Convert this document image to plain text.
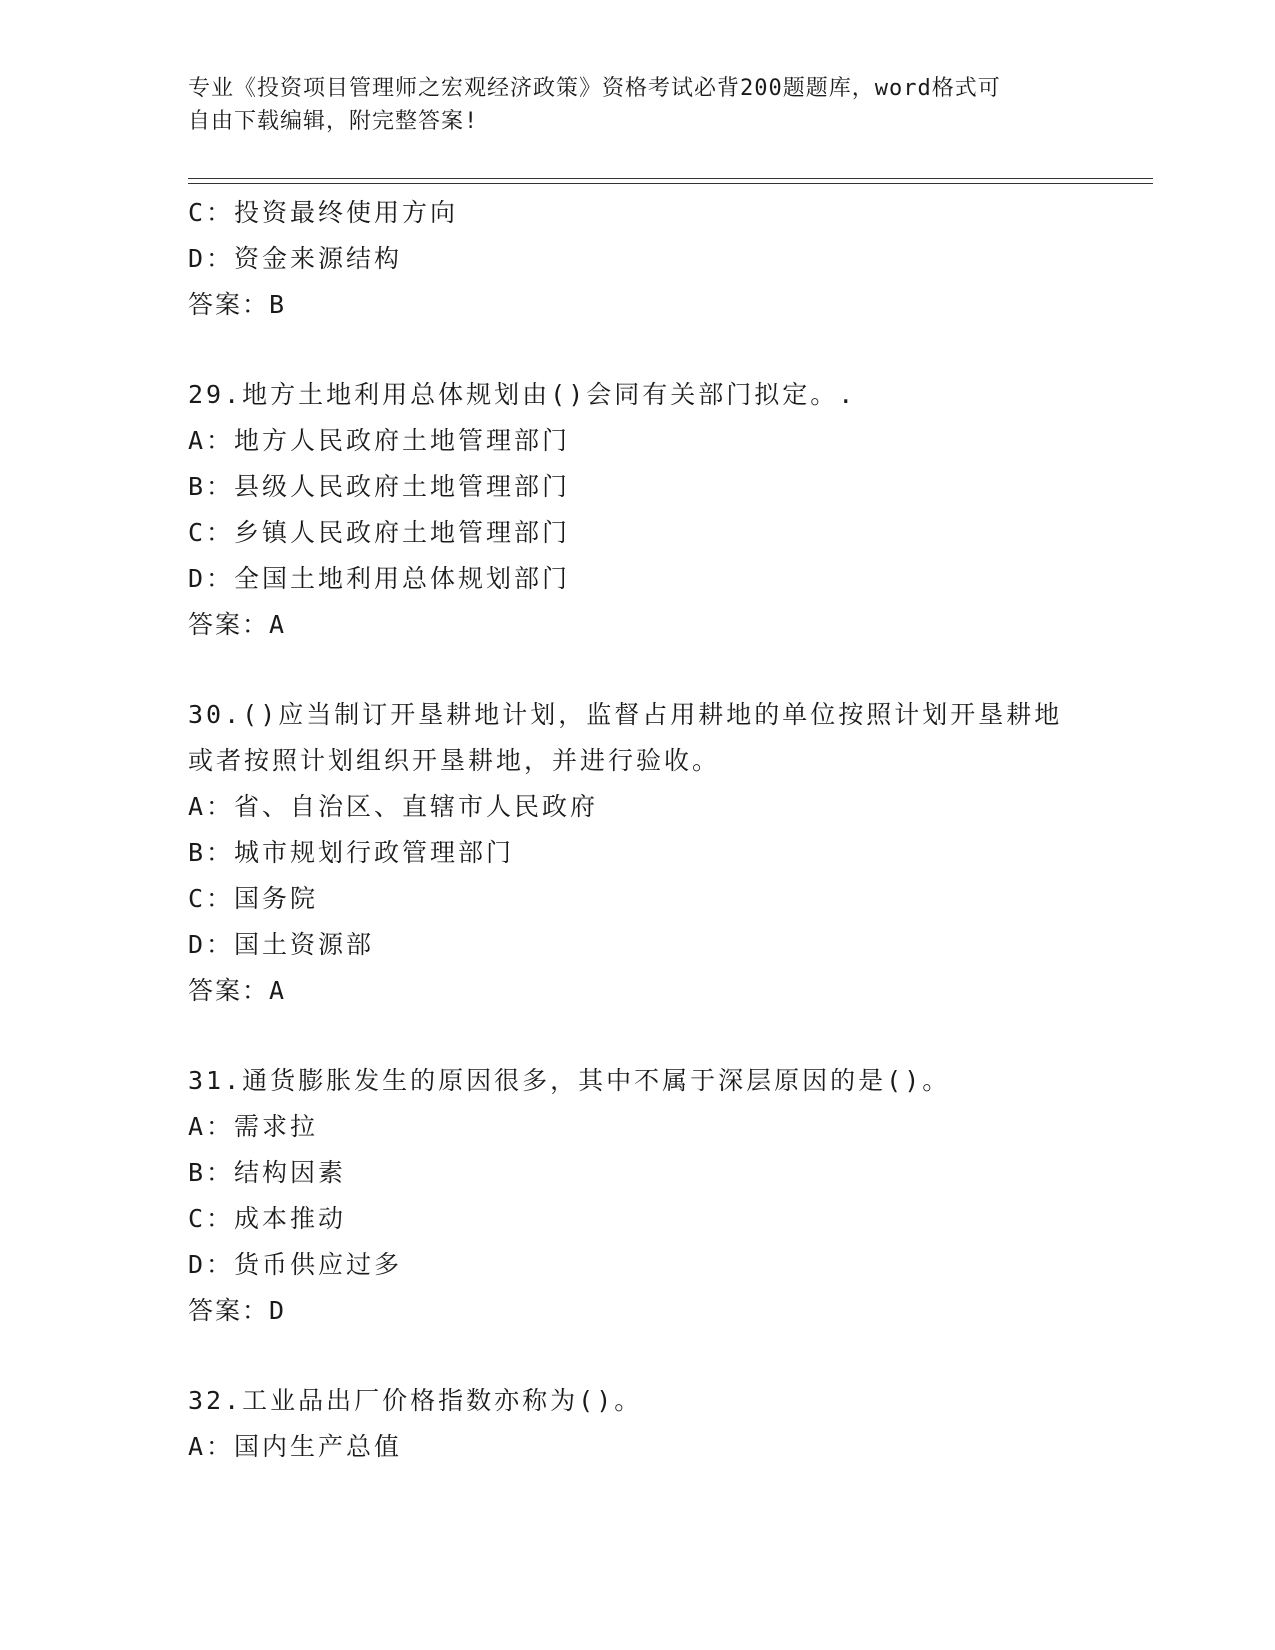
专业《投资项目管理师之宏观经济政策》资格考试必背200题题库，word格式可
自由下载编辑，附完整答案!
C：投资最终使用方向
D：资金来源结构
答案：B
29.地方土地利用总体规划由()会同有关部门拟定。.
A：地方人民政府土地管理部门
B：县级人民政府土地管理部门
C：乡镇人民政府土地管理部门
D：全国土地利用总体规划部门
答案：A
30.()应当制订开垦耕地计划，监督占用耕地的单位按照计划开垦耕地
或者按照计划组织开垦耕地，并进行验收。
A：省、自治区、直辖市人民政府
B：城市规划行政管理部门
C：国务院
D：国土资源部
答案：A
31.通货膨胀发生的原因很多，其中不属于深层原因的是()。
A：需求拉
B：结构因素
C：成本推动
D：货币供应过多
答案：D
32.工业品出厂价格指数亦称为()。
A：国内生产总值
